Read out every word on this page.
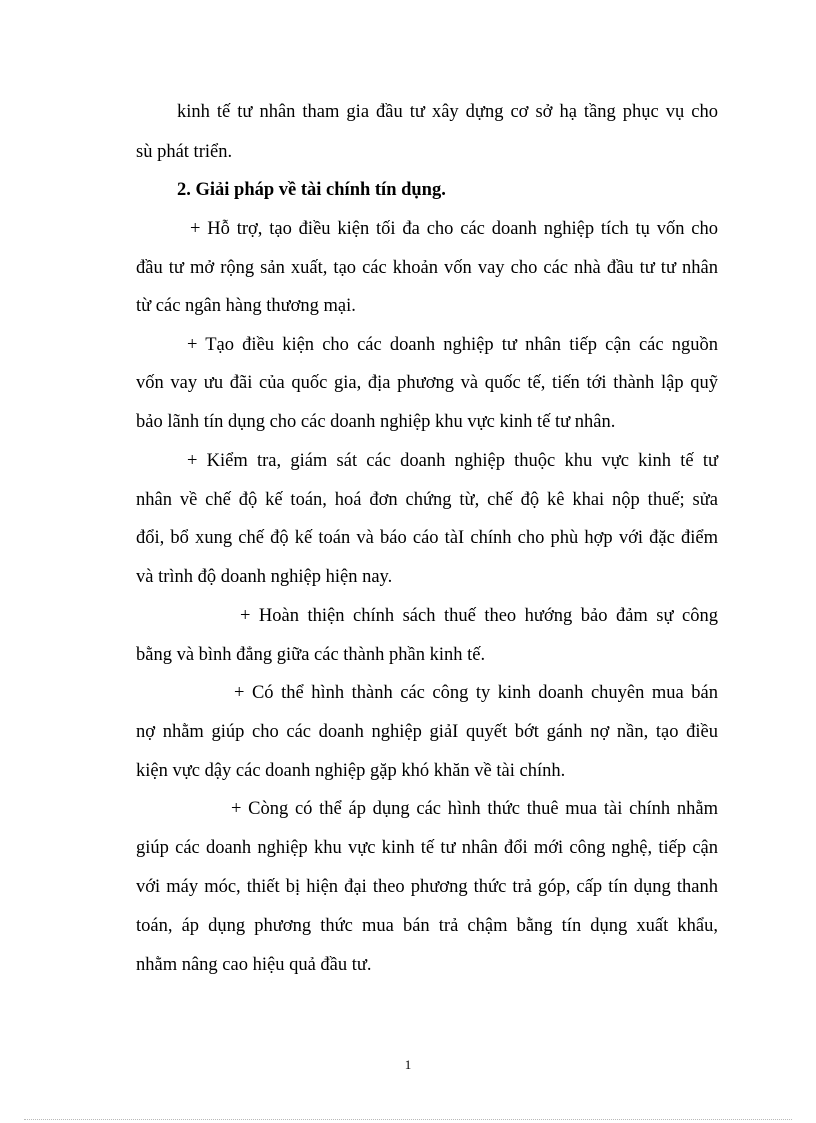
kinh tế tư nhân tham gia đầu tư xây dựng cơ sở hạ tầng phục vụ cho
sù phát triển.
2. Giải pháp về tài chính tín dụng.
+ Hỗ trợ, tạo điều kiện tối đa cho các doanh nghiệp tích tụ vốn cho
đầu tư mở rộng sản xuất, tạo các khoản vốn vay cho các nhà đầu tư tư nhân
từ các ngân hàng thương mại.
+ Tạo điều kiện cho các doanh nghiệp tư nhân tiếp cận các nguồn
vốn vay ưu đãi của quốc gia, địa phương và quốc tế, tiến tới thành lập quỹ
bảo lãnh tín dụng cho các doanh nghiệp khu vực kinh tế tư nhân.
+ Kiểm tra, giám sát các doanh nghiệp thuộc khu vực kinh tế tư
nhân về chế độ kế toán, hoá đơn chứng từ, chế độ kê khai nộp thuế; sửa
đổi, bổ xung chế độ kế toán và báo cáo tàI chính cho phù hợp với đặc điểm
và trình độ doanh nghiệp hiện nay.
+ Hoàn thiện chính sách thuế theo hướng bảo đảm sự công
bằng và bình đẳng giữa các thành phần kinh tế.
+ Có thể hình thành các công ty kinh doanh chuyên mua bán
nợ nhằm giúp cho các doanh nghiệp giảI quyết bớt gánh nợ nần, tạo điều
kiện vực dậy các doanh nghiệp gặp khó khăn về tài chính.
+ Còng có thể áp dụng các hình thức thuê mua tài chính nhằm
giúp các doanh nghiệp khu vực kinh tế tư nhân đổi mới công nghệ, tiếp cận
với máy móc, thiết bị hiện đại theo phương thức trả góp, cấp tín dụng thanh
toán, áp dụng phương thức mua bán trả chậm bằng tín dụng xuất khẩu,
nhằm nâng cao hiệu quả đầu tư.
1
